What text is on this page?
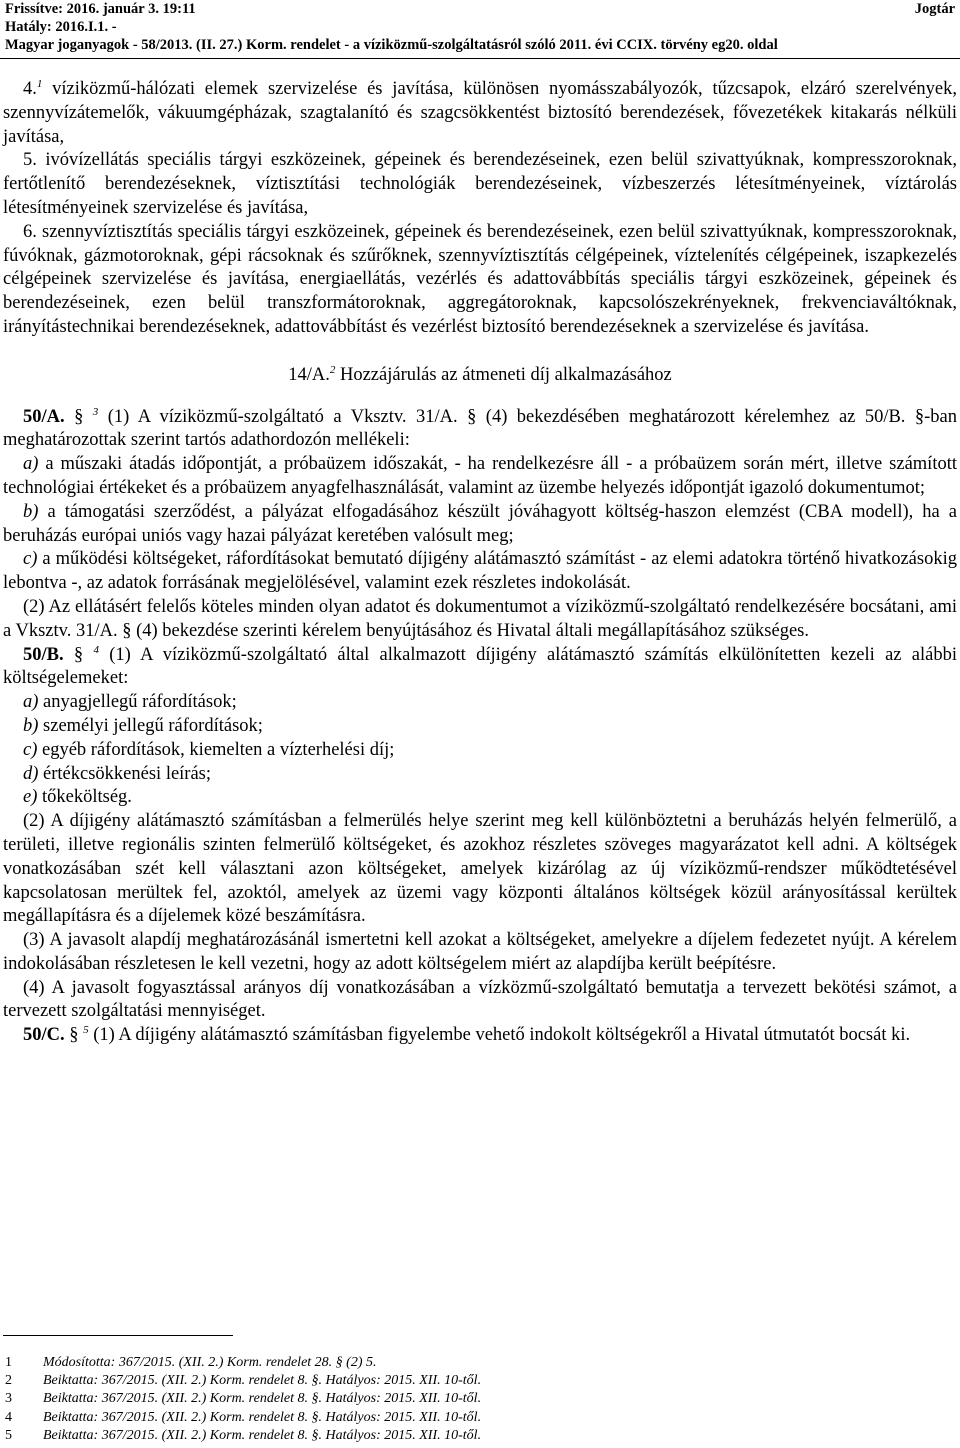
Frissítve: 2016. január 3. 19:11	Jogtár
Hatály: 2016.I.1. -
Magyar joganyagok - 58/2013. (II. 27.) Korm. rendelet - a víziközmű-szolgáltatásról szóló 2011. évi CCIX. törvény eg20. oldal

4.$^1$ víziközmű-hálózati elemek szervizelése és javítása, különösen nyomásszabályozók, tűzcsapok, elzáró szerelvények, szennyvízátemelők, vákuumgépházak, szagtalanító és szagcsökkentést biztosító berendezések, fővezetékek kitakarás nélküli javítása,

5. ivóvízellátás speciális tárgyi eszközeinek, gépeinek és berendezéseinek, ezen belül szivattyúknak, kompresszoroknak, fertőtlenítő berendezéseknek, víztisztítási technológiák berendezéseinek, vízbeszerzés létesítményeinek, víztárolás létesítményeinek szervizelése és javítása,

6. szennyvíztisztítás speciális tárgyi eszközeinek, gépeinek és berendezéseinek, ezen belül szivattyúknak, kompresszoroknak, fúvóknak, gázmotoroknak, gépi rácsoknak és szűrőknek, szennyvíztisztítás célgépeinek, víztelenítés célgépeinek, iszapkezelés célgépeinek szervizelése és javítása, energiaellátás, vezérlés és adattovábbítás speciális tárgyi eszközeinek, gépeinek és berendezéseinek, ezen belül transzformátoroknak, aggregátoroknak, kapcsolószekrényeknek, frekvenciaváltóknak, irányítástechnikai berendezéseknek, adattovábbítást és vezérlést biztosító berendezéseknek a szervizelése és javítása.

14/A.$^2$ Hozzájárulás az átmeneti díj alkalmazásához

50/A. § $^3$ (1) A víziközmű-szolgáltató a Vksztv. 31/A. § (4) bekezdésében meghatározott kérelemhez az 50/B. §-ban meghatározottak szerint tartós adathordozón mellékeli:

a) a műszaki átadás időpontját, a próbaüzem időszakát, - ha rendelkezésre áll - a próbaüzem során mért, illetve számított technológiai értékeket és a próbaüzem anyagfelhasználását, valamint az üzembe helyezés időpontját igazoló dokumentumot;

b) a támogatási szerződést, a pályázat elfogadásához készült jóváhagyott költség-haszon elemzést (CBA modell), ha a beruházás európai uniós vagy hazai pályázat keretében valósult meg;

c) a működési költségeket, ráfordításokat bemutató díjigény alátámasztó számítást - az elemi adatokra történő hivatkozásokig lebontva -, az adatok forrásának megjelölésével, valamint ezek részletes indokolását.

(2) Az ellátásért felelős köteles minden olyan adatot és dokumentumot a víziközmű-szolgáltató rendelkezésére bocsátani, ami a Vksztv. 31/A. § (4) bekezdése szerinti kérelem benyújtásához és Hivatal általi megállapításához szükséges.

50/B. § $^4$ (1) A víziközmű-szolgáltató által alkalmazott díjigény alátámasztó számítás elkülönítetten kezeli az alábbi költségelemeket:

a) anyagjellegű ráfordítások;

b) személyi jellegű ráfordítások;

c) egyéb ráfordítások, kiemelten a vízterhelési díj;

d) értékcsökkenési leírás;

e) tőkeköltség.

(2) A díjigény alátámasztó számításban a felmerülés helye szerint meg kell különböztetni a beruházás helyén felmerülő, a területi, illetve regionális szinten felmerülő költségeket, és azokhoz részletes szöveges magyarázatot kell adni. A költségek vonatkozásában szét kell választani azon költségeket, amelyek kizárólag az új víziközmű-rendszer működtetésével kapcsolatosan merültek fel, azoktól, amelyek az üzemi vagy központi általános költségek közül arányosítással kerültek megállapításra és a díjelemek közé beszámításra.

(3) A javasolt alapdíj meghatározásánál ismertetni kell azokat a költségeket, amelyekre a díjelem fedezetet nyújt. A kérelem indokolásában részletesen le kell vezetni, hogy az adott költségelem miért az alapdíjba került beépítésre.

(4) A javasolt fogyasztással arányos díj vonatkozásában a vízközmű-szolgáltató bemutatja a tervezett bekötési számot, a tervezett szolgáltatási mennyiséget.

50/C. § $^5$ (1) A díjigény alátámasztó számításban figyelembe vehető indokolt költségekről a Hivatal útmutatót bocsát ki.

1	Módosította: 367/2015. (XII. 2.) Korm. rendelet 28. § (2) 5.
2	Beiktatta: 367/2015. (XII. 2.) Korm. rendelet 8. §. Hatályos: 2015. XII. 10-től.
3	Beiktatta: 367/2015. (XII. 2.) Korm. rendelet 8. §. Hatályos: 2015. XII. 10-től.
4	Beiktatta: 367/2015. (XII. 2.) Korm. rendelet 8. §. Hatályos: 2015. XII. 10-től.
5	Beiktatta: 367/2015. (XII. 2.) Korm. rendelet 8. §. Hatályos: 2015. XII. 10-től.
